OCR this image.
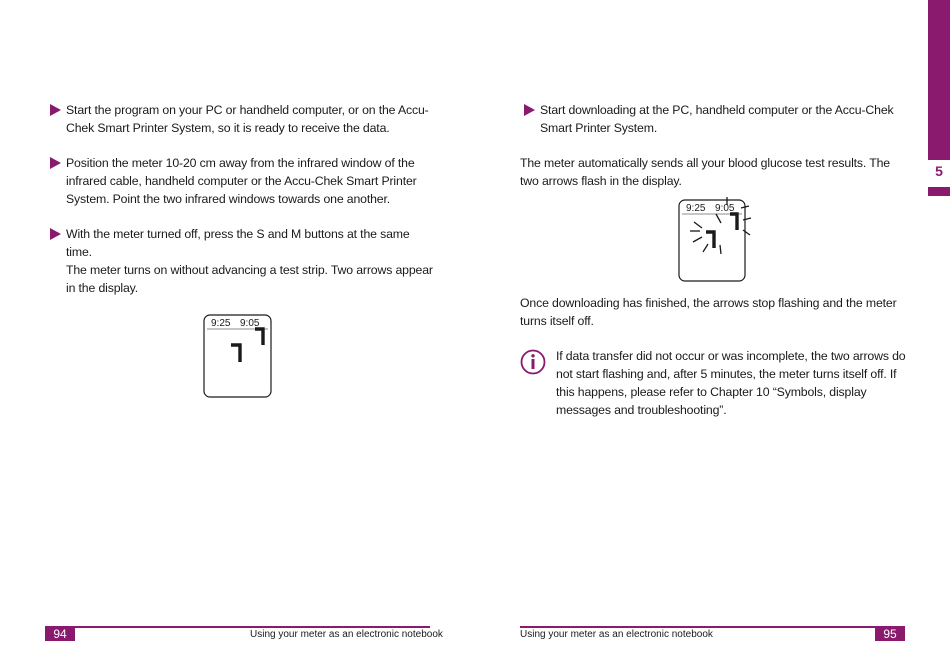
Start the program on your PC or handheld computer, or on the Accu-Chek Smart Printer System, so it is ready to receive the data.
Position the meter 10-20 cm away from the infrared window of the infrared cable, handheld computer or the Accu-Chek Smart Printer System. Point the two infrared windows towards one another.
With the meter turned off, press the S and M buttons at the same time.
The meter turns on without advancing a test strip. Two arrows appear in the display.
9:25 9:05
94	Using your meter as an electronic notebook
Start downloading at the PC, handheld computer or the Accu-Chek Smart Printer System.
The meter automatically sends all your blood glucose test results. The two arrows flash in the display.
9:25 9:05
Once downloading has finished, the arrows stop flashing and the meter turns itself off.
If data transfer did not occur or was incomplete, the two arrows do not start flashing and, after 5 minutes, the meter turns itself off. If this happens, please refer to Chapter 10 “Symbols, display messages and troubleshooting”.
Using your meter as an electronic notebook	95
5
